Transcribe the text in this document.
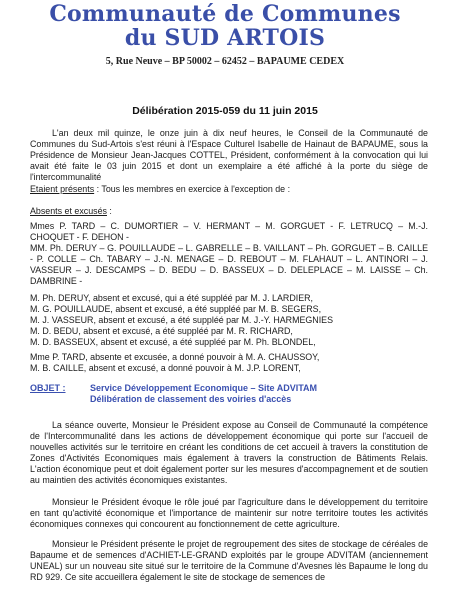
Communauté de Communes
du SUD ARTOIS
5, Rue Neuve – BP 50002 – 62452 – BAPAUME CEDEX
Délibération 2015-059 du 11 juin 2015

L'an deux mil quinze, le onze juin à dix neuf heures, le Conseil de la Communauté de Communes du Sud-Artois s'est réuni à l'Espace Culturel Isabelle de Hainaut de BAPAUME, sous la Présidence de Monsieur Jean-Jacques COTTEL, Président, conformément à la convocation qui lui avait été faite le 03 juin 2015 et dont un exemplaire a été affiché à la porte du siège de l'intercommunalité

Etaient présents : Tous les membres en exercice à l'exception de :

Absents et excusés :

Mmes P. TARD – C. DUMORTIER – V. HERMANT – M. GORGUET - F. LETRUCQ – M.-J. CHOQUET - F. DEHON -

MM. Ph. DERUY – G. POUILLAUDE – L. GABRELLE – B. VAILLANT – Ph. GORGUET – B. CAILLE - P. COLLE – Ch. TABARY – J.-N. MENAGE – D. REBOUT – M. FLAHAUT – L. ANTINORI – J. VASSEUR – J. DESCAMPS – D. BEDU – D. BASSEUX – D. DELEPLACE – M. LAISSE – Ch. DAMBRINE -

M. Ph. DERUY, absent et excusé, qui a été suppléé par M. J. LARDIER,

M. G. POUILLAUDE, absent et excusé, a été suppléé par M. B. SEGERS,

M. J. VASSEUR, absent et excusé, a été suppléé par M. J.-Y. HARMEGNIES

M. D. BEDU, absent et excusé, a été suppléé par M. R. RICHARD,

M. D. BASSEUX, absent et excusé, a été suppléé par M. Ph. BLONDEL,

Mme P. TARD, absente et excusée, a donné pouvoir à M. A. CHAUSSOY,

M. B. CAILLE, absent et excusé, a donné pouvoir à M. J.P. LORENT,

OBJET :	Service Développement Economique – Site ADVITAM
Délibération de classement des voiries d'accès

La séance ouverte, Monsieur le Président expose au Conseil de Communauté la compétence de l'Intercommunalité dans les actions de développement économique qui porte sur l'accueil de nouvelles activités sur le territoire en créant les conditions de cet accueil à travers la constitution de Zones d'Activités Economiques mais également à travers la construction de Bâtiments Relais. L'action économique peut et doit également porter sur les mesures d'accompagnement et de soutien au maintien des activités économiques existantes.

Monsieur le Président évoque le rôle joué par l'agriculture dans le développement du territoire en tant qu'activité économique et l'importance de maintenir sur notre territoire toutes les activités économiques connexes qui concourent au fonctionnement de cette agriculture.

Monsieur le Président présente le projet de regroupement des sites de stockage de céréales de Bapaume et de semences d'ACHIET-LE-GRAND exploités par le groupe ADVITAM (anciennement UNEAL) sur un nouveau site situé sur le territoire de la Commune d'Avesnes lès Bapaume le long du RD 929. Ce site accueillera également le site de stockage de semences de
